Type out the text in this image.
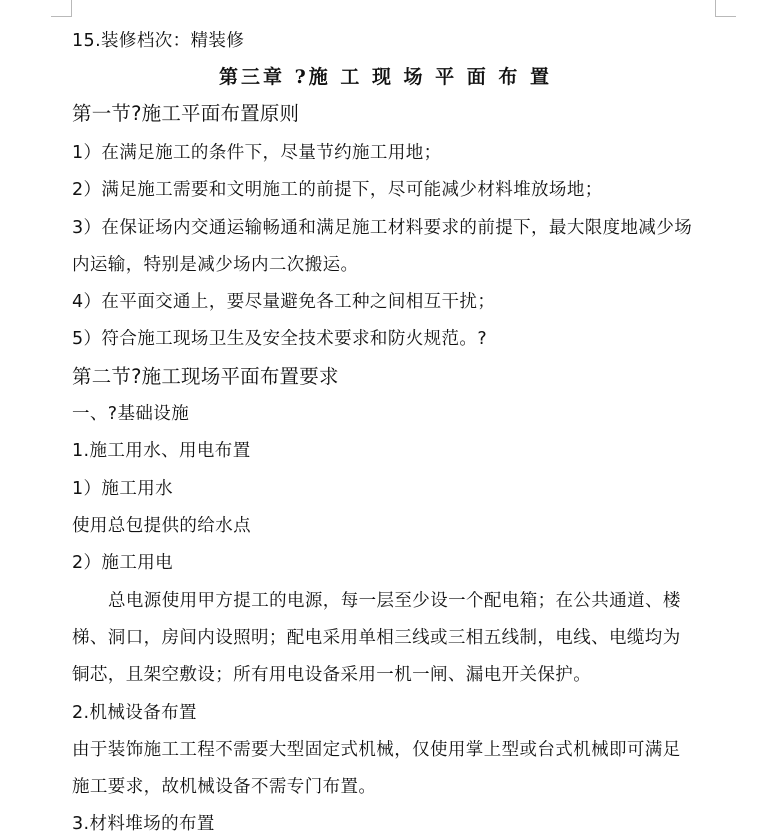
15.装修档次：精装修
第三章 ?施 工 现 场 平 面 布 置
第一节?施工平面布置原则
1）在满足施工的条件下，尽量节约施工用地；
2）满足施工需要和文明施工的前提下，尽可能减少材料堆放场地；
3）在保证场内交通运输畅通和满足施工材料要求的前提下，最大限度地减少场
内运输，特别是减少场内二次搬运。
4）在平面交通上，要尽量避免各工种之间相互干扰；
5）符合施工现场卫生及安全技术要求和防火规范。?
第二节?施工现场平面布置要求
一、?基础设施
1.施工用水、用电布置
1）施工用水
使用总包提供的给水点
2）施工用电
总电源使用甲方提工的电源，每一层至少设一个配电箱；在公共通道、楼
梯、洞口，房间内设照明；配电采用单相三线或三相五线制，电线、电缆均为
铜芯，且架空敷设；所有用电设备采用一机一闸、漏电开关保护。
2.机械设备布置
由于装饰施工工程不需要大型固定式机械，仅使用掌上型或台式机械即可满足
施工要求，故机械设备不需专门布置。
3.材料堆场的布置
